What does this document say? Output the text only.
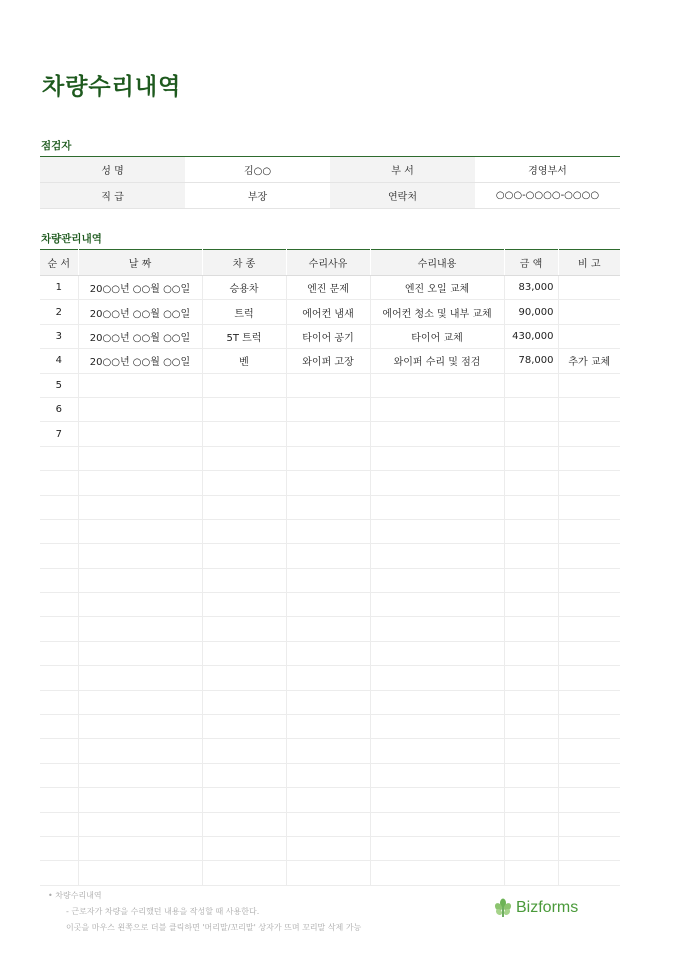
차량수리내역
점검자
성 명	김○○	부 서	경영부서
직 급	부장	연락처	○○○-○○○○-○○○○
차량관리내역
순 서	날 짜	차 종	수리사유	수리내용	금 액	비 고
1	20○○년 ○○월 ○○일	승용차	엔진 문제	엔진 오일 교체	83,000	
2	20○○년 ○○월 ○○일	트럭	에어컨 냄새	에어컨 청소 및 내부 교체	90,000	
3	20○○년 ○○월 ○○일	5T 트럭	타이어 공기	타이어 교체	430,000	
4	20○○년 ○○월 ○○일	벤	와이퍼 고장	와이퍼 수리 및 점검	78,000	추가 교체
5						
6						
7						

• 차량수리내역
- 근로자가 차량을 수리했던 내용을 작성할 때 사용한다.
이곳을 마우스 왼쪽으로 더블 클릭하면 '머리말/꼬리말' 상자가 뜨며 꼬리말 삭제 가능
Bizforms
